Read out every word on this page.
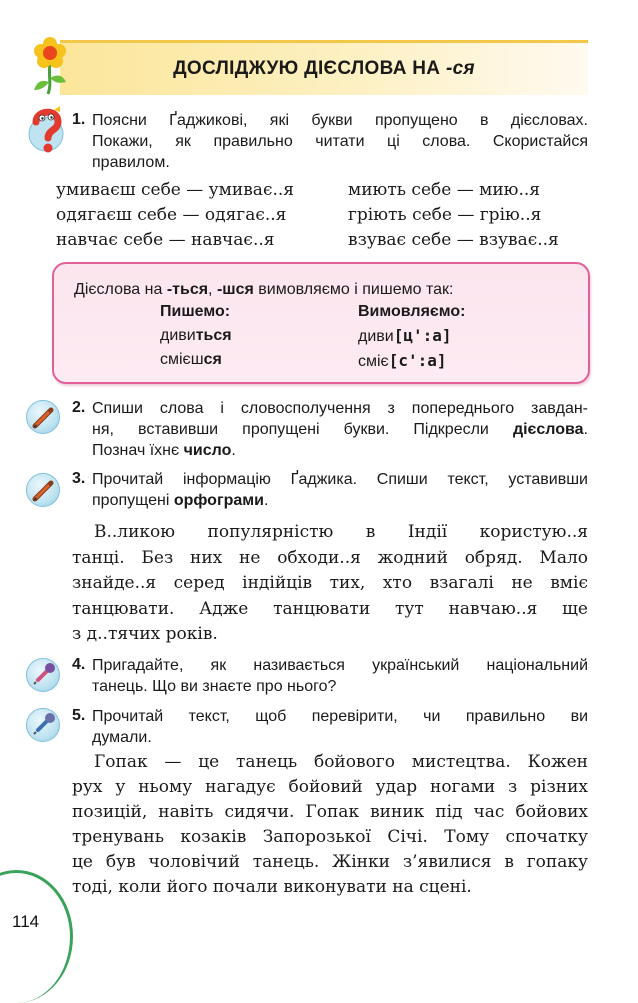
ДОСЛІДЖУЮ ДІЄСЛОВА НА -ся
1. Поясни Ґаджикові, які букви пропущено в дієсловах.
Покажи, як правильно читати ці слова. Скористайся
правилом.
умиваєш себе — умиває..я
одягаєш себе — одягає..я
навчає себе — навчає..я
миють себе — мию..я
гріють себе — грію..я
взуває себе — взуває..я
Дієслова на -ться, -шся вимовляємо і пишемо так:
Пишемо:
дивиться
смієшся
Вимовляємо:
диви[ц':а]
сміє[с':а]
2. Спиши слова і словосполучення з попереднього завдан-
ня, вставивши пропущені букви. Підкресли дієслова.
Познач їхнє число.
3. Прочитай інформацію Ґаджика. Спиши текст, уставивши
пропущені орфограми.
В..ликою популярністю в Індії користую..я
танці. Без них не обходи..я жодний обряд. Мало
знайде..я серед індійців тих, хто взагалі не вміє
танцювати. Адже танцювати тут навчаю..я ще
з д..тячих років.
4. Пригадайте, як називається український національний
танець. Що ви знаєте про нього?
5. Прочитай текст, щоб перевірити, чи правильно ви
думали.
Гопак — це танець бойового мистецтва. Кожен
рух у ньому нагадує бойовий удар ногами з різних
позицій, навіть сидячи. Гопак виник під час бойових
тренувань козаків Запорозької Січі. Тому спочатку
це був чоловічий танець. Жінки з’явилися в гопаку
тоді, коли його почали виконувати на сцені.
114
